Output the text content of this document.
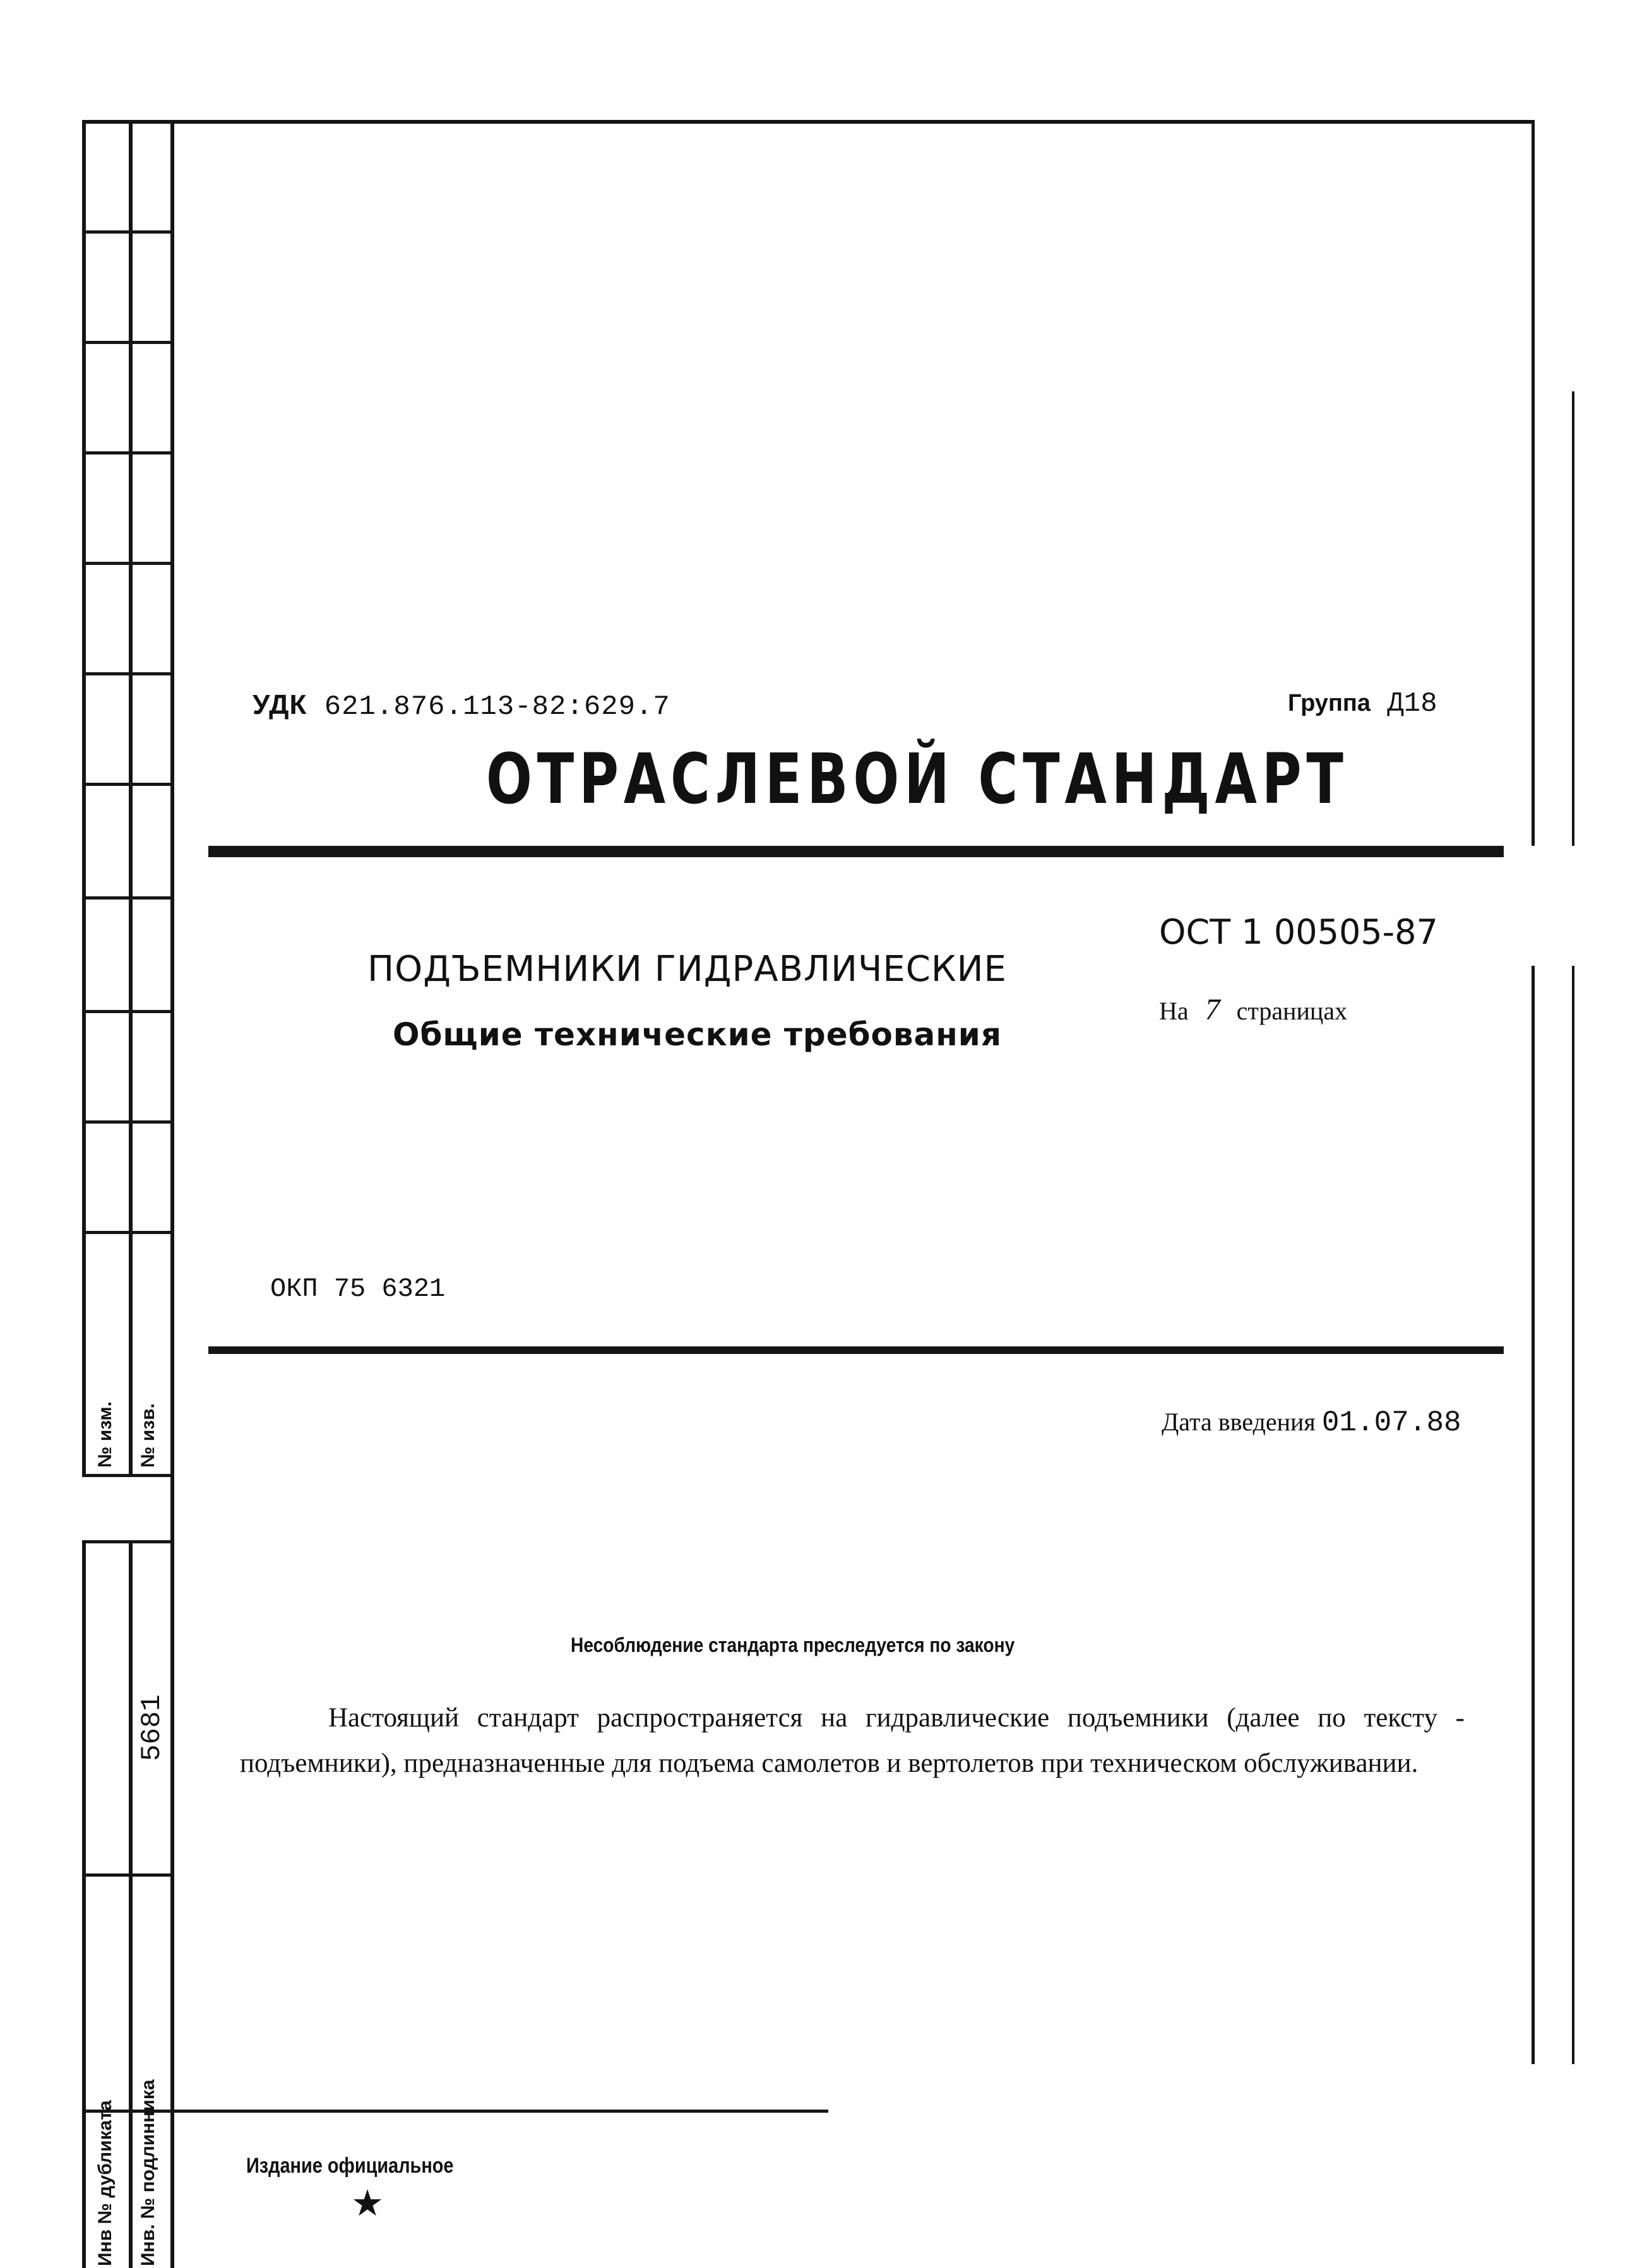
№ изм. № изв.
5681
Инв № дубликата Инв. № подлинника
УДК 621.876.113-82:629.7	Группа Д18
ОТРАСЛЕВОЙ СТАНДАРТ
ОСТ 1 00505-87
На 7 страницах
ПОДЪЕМНИКИ ГИДРАВЛИЧЕСКИЕ
Общие технические требования
ОКП 75 6321
Дата введения 01.07.88
Несоблюдение стандарта преследуется по закону
Настоящий стандарт распространяется на гидравлические подъемники (далее по тексту - подъемники), предназначенные для подъема самолетов и вертолетов при техническом обслуживании.
Издание официальное
★
